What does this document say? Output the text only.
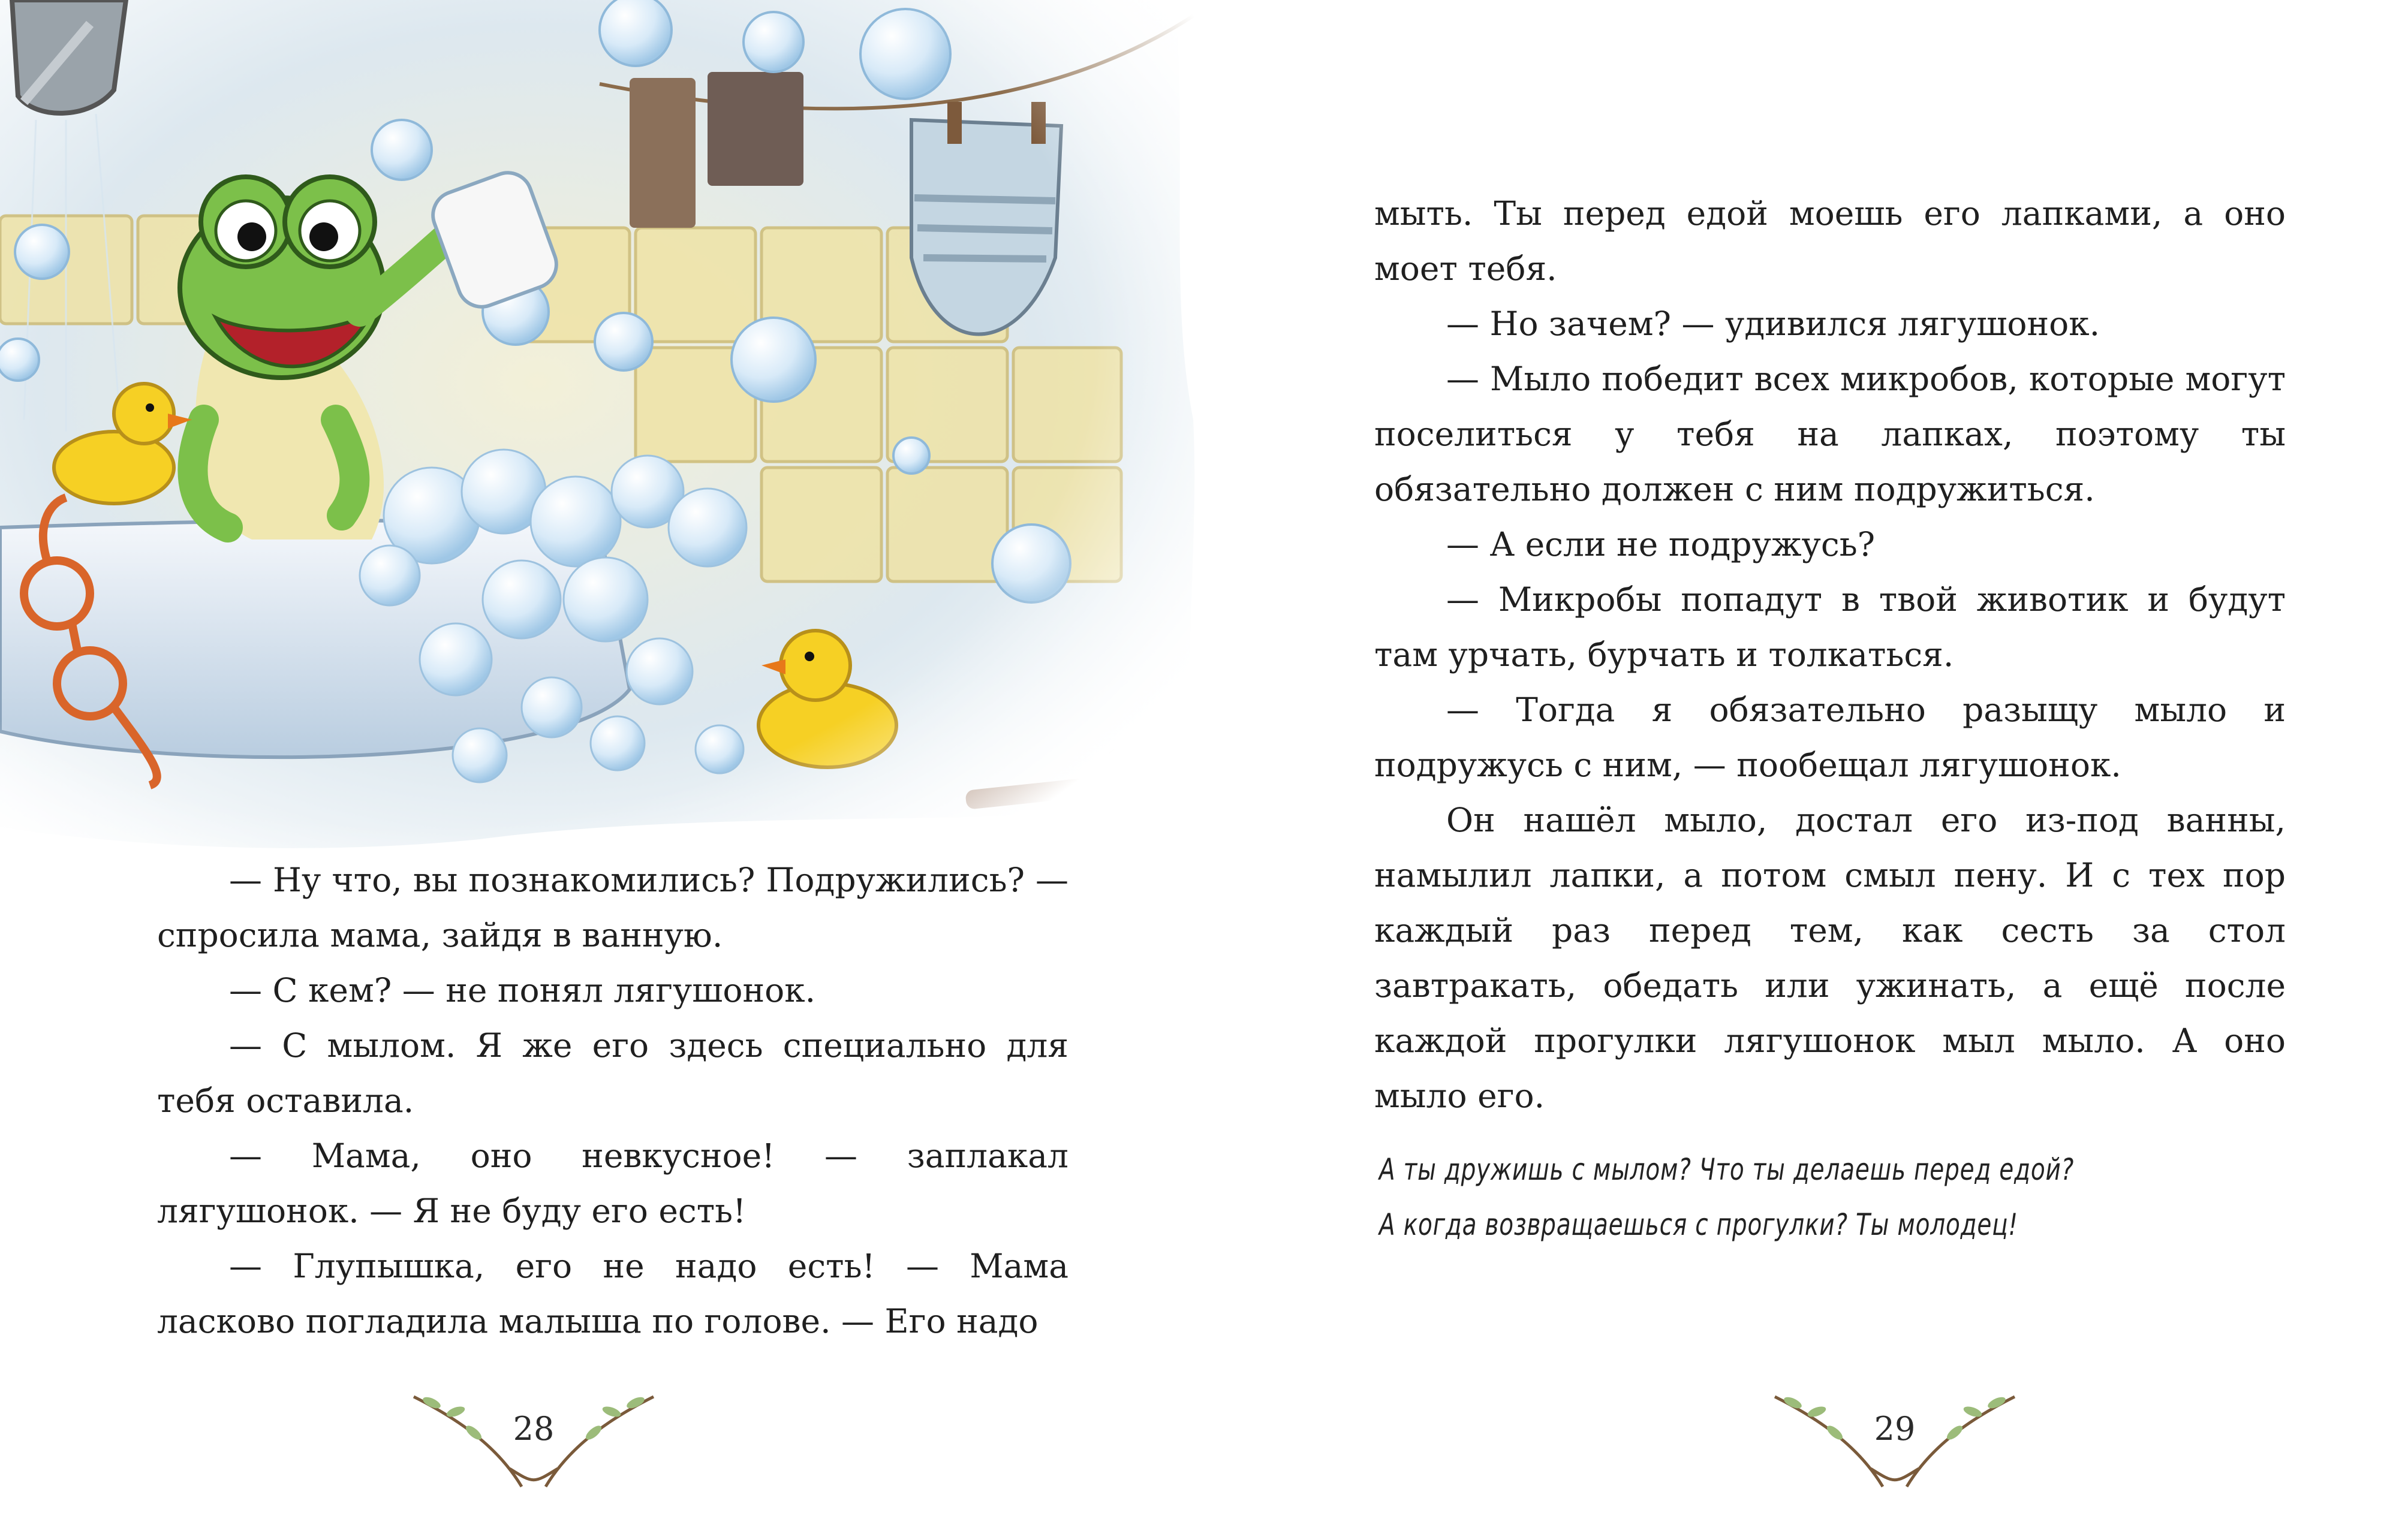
— Ну что, вы познакомились? Подружились? — спросила мама, зайдя в ванную.

— С кем? — не понял лягушонок.

— С мылом. Я же его здесь специально для тебя оставила.

— Мама, оно невкусное! — заплакал лягушонок. — Я не буду его есть!

— Глупышка, его не надо есть! — Мама ласково погладила малыша по голове. — Его надо

мыть. Ты перед едой моешь его лапками, а оно моет тебя.

— Но зачем? — удивился лягушонок.

— Мыло победит всех микробов, которые могут поселиться у тебя на лапках, поэтому ты обязательно должен с ним подружиться.

— А если не подружусь?

— Микробы попадут в твой животик и будут там урчать, бурчать и толкаться.

— Тогда я обязательно разыщу мыло и подружусь с ним, — пообещал лягушонок.

Он нашёл мыло, достал его из-под ванны, намылил лапки, а потом смыл пену. И с тех пор каждый раз перед тем, как сесть за стол завтракать, обедать или ужинать, а ещё после каждой прогулки лягушонок мыл мыло. А оно мыло его.

А ты дружишь с мылом? Что ты делаешь перед едой?
А когда возвращаешься с прогулки? Ты молодец!
28	29
